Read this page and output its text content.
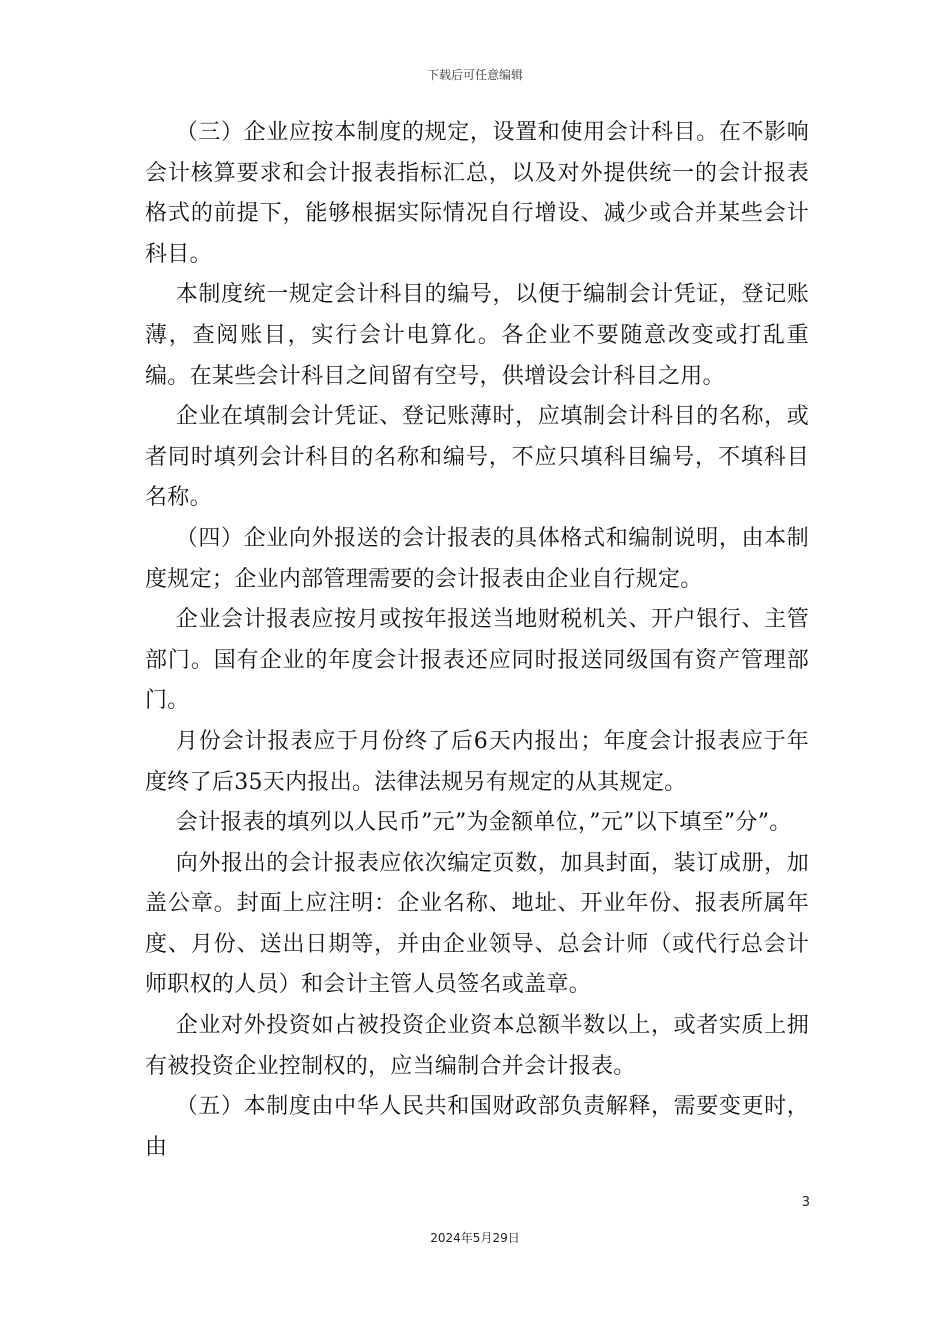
下载后可任意编辑

（三）企业应按本制度的规定，设置和使用会计科目。在不影响会计核算要求和会计报表指标汇总，以及对外提供统一的会计报表格式的前提下，能够根据实际情况自行增设、减少或合并某些会计科目。

本制度统一规定会计科目的编号，以便于编制会计凭证，登记账薄，查阅账目，实行会计电算化。各企业不要随意改变或打乱重编。在某些会计科目之间留有空号，供增设会计科目之用。

企业在填制会计凭证、登记账薄时，应填制会计科目的名称，或者同时填列会计科目的名称和编号，不应只填科目编号，不填科目名称。

（四）企业向外报送的会计报表的具体格式和编制说明，由本制度规定；企业内部管理需要的会计报表由企业自行规定。

企业会计报表应按月或按年报送当地财税机关、开户银行、主管部门。国有企业的年度会计报表还应同时报送同级国有资产管理部门。

月份会计报表应于月份终了后6天内报出；年度会计报表应于年度终了后35天内报出。法律法规另有规定的从其规定。

会计报表的填列以人民币”元”为金额单位，”元”以下填至”分”。

向外报出的会计报表应依次编定页数，加具封面，装订成册，加盖公章。封面上应注明：企业名称、地址、开业年份、报表所属年度、月份、送出日期等，并由企业领导、总会计师（或代行总会计师职权的人员）和会计主管人员签名或盖章。

企业对外投资如占被投资企业资本总额半数以上，或者实质上拥有被投资企业控制权的，应当编制合并会计报表。

（五）本制度由中华人民共和国财政部负责解释，需要变更时，由

3
2024年5月29日
